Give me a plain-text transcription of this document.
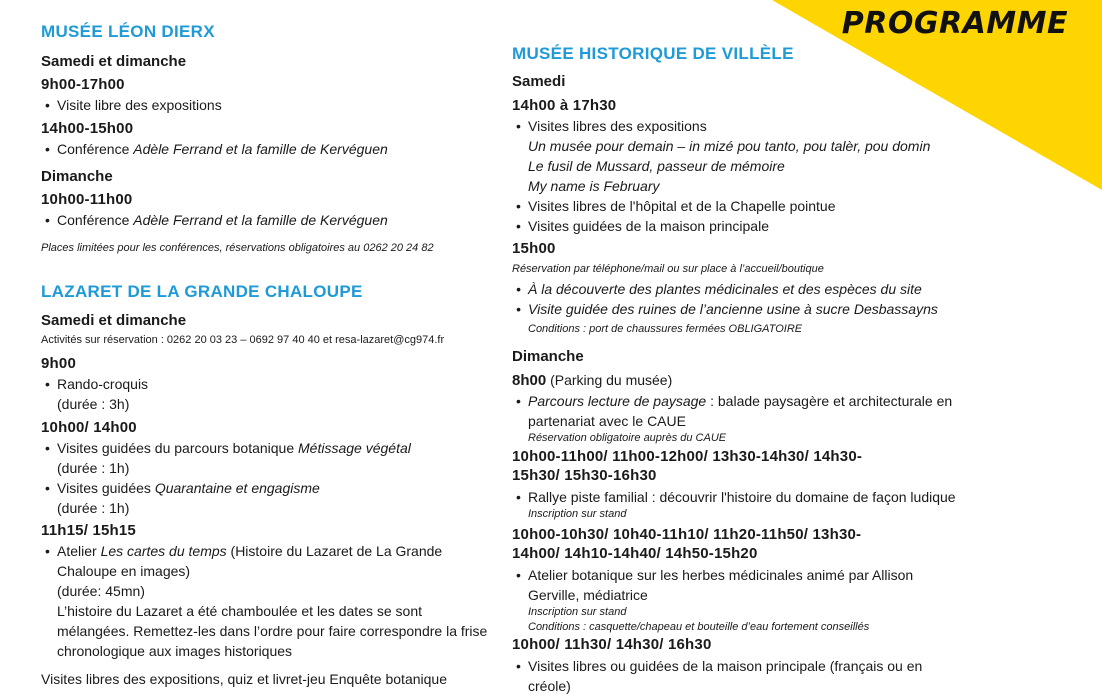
PROGRAMME
MUSÉE LÉON DIERX

Samedi et dimanche

9h00-17h00

• Visite libre des expositions

14h00-15h00

• Conférence Adèle Ferrand et la famille de Kervéguen

Dimanche

10h00-11h00

• Conférence Adèle Ferrand et la famille de Kervéguen

Places limitées pour les conférences, réservations obligatoires au 0262 20 24 82

LAZARET DE LA GRANDE CHALOUPE

Samedi et dimanche

Activités sur réservation : 0262 20 03 23 – 0692 97 40 40 et resa-lazaret@cg974.fr

9h00

• Rando-croquis

(durée : 3h)

10h00/ 14h00

• Visites guidées du parcours botanique Métissage végétal

(durée : 1h)

• Visites guidées Quarantaine et engagisme

(durée : 1h)

11h15/ 15h15

• Atelier Les cartes du temps (Histoire du Lazaret de La Grande

Chaloupe en images)

(durée: 45mn)

L’histoire du Lazaret a été chamboulée et les dates se sont

mélangées. Remettez-les dans l’ordre pour faire correspondre la frise

chronologique aux images historiques

Visites libres des expositions, quiz et livret-jeu Enquête botanique

MUSÉE HISTORIQUE DE VILLÈLE

Samedi

14h00 à 17h30

• Visites libres des expositions

Un musée pour demain – in mizé pou tanto, pou talèr, pou domin

Le fusil de Mussard, passeur de mémoire

My name is February

• Visites libres de l'hôpital et de la Chapelle pointue

• Visites guidées de la maison principale

15h00

Réservation par téléphone/mail ou sur place à l’accueil/boutique

• À la découverte des plantes médicinales et des espèces du site

• Visite guidée des ruines de l’ancienne usine à sucre Desbassayns

Conditions : port de chaussures fermées OBLIGATOIRE

Dimanche

8h00 (Parking du musée)

• Parcours lecture de paysage : balade paysagère et architecturale en

partenariat avec le CAUE

Réservation obligatoire auprès du CAUE

10h00-11h00/ 11h00-12h00/ 13h30-14h30/ 14h30-

15h30/ 15h30-16h30

• Rallye piste familial : découvrir l'histoire du domaine de façon ludique

Inscription sur stand

10h00-10h30/ 10h40-11h10/ 11h20-11h50/ 13h30-

14h00/ 14h10-14h40/ 14h50-15h20

• Atelier botanique sur les herbes médicinales animé par Allison

Gerville, médiatrice

Inscription sur stand

Conditions : casquette/chapeau et bouteille d’eau fortement conseillés

10h00/ 11h30/ 14h30/ 16h30

• Visites libres ou guidées de la maison principale (français ou en

créole)
